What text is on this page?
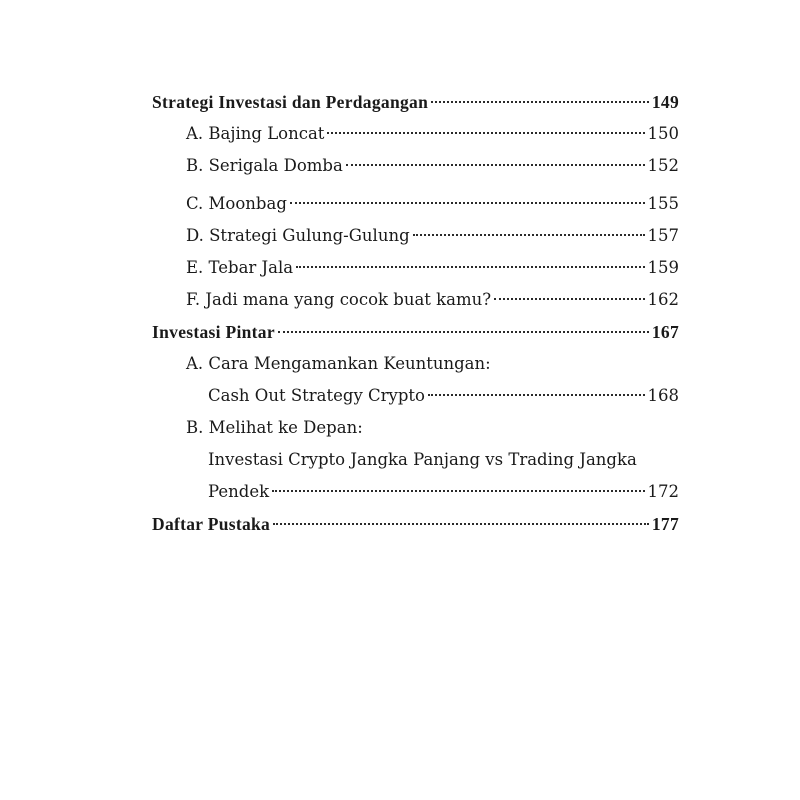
Strategi Investasi dan Perdagangan	149
A. Bajing Loncat	150
B. Serigala Domba	152
C. Moonbag	155
D. Strategi Gulung-Gulung	157
E. Tebar Jala	159
F. Jadi mana yang cocok buat kamu?	162
Investasi Pintar	167
A. Cara Mengamankan Keuntungan:
Cash Out Strategy Crypto	168
B. Melihat ke Depan:
Investasi Crypto Jangka Panjang vs Trading Jangka
Pendek	172
Daftar Pustaka	177
